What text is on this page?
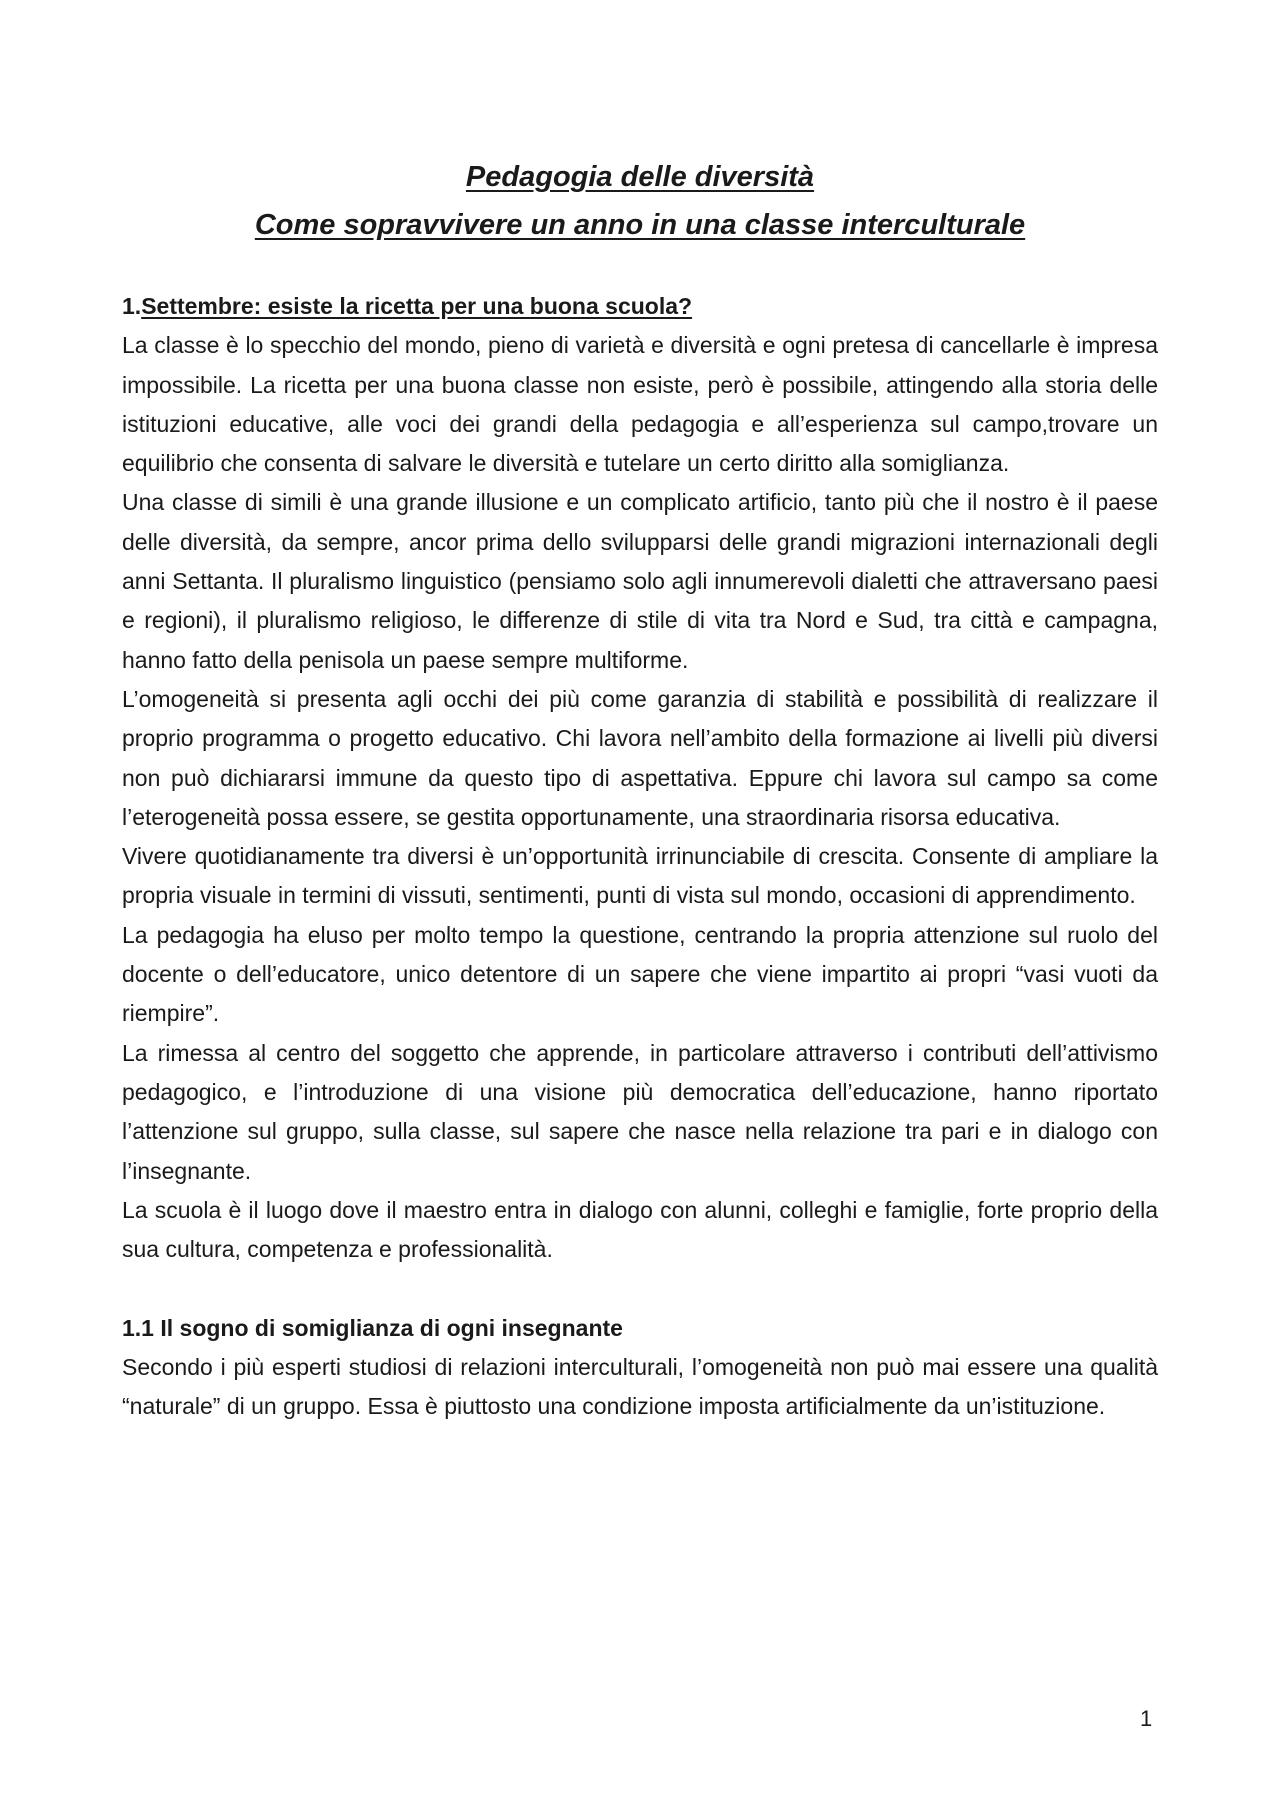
Pedagogia delle diversità

Come sopravvivere un anno in una classe interculturale

1.Settembre: esiste la ricetta per una buona scuola?

La classe è lo specchio del mondo, pieno di varietà e diversità e ogni pretesa di cancellarle è impresa impossibile. La ricetta per una buona classe non esiste, però è possibile, attingendo alla storia delle istituzioni educative, alle voci dei grandi della pedagogia e all’esperienza sul campo,trovare un equilibrio che consenta di salvare le diversità e tutelare un certo diritto alla somiglianza.

Una classe di simili è una grande illusione e un complicato artificio, tanto più che il nostro è il paese delle diversità, da sempre, ancor prima dello svilupparsi delle grandi migrazioni internazionali degli anni Settanta. Il pluralismo linguistico (pensiamo solo agli innumerevoli dialetti che attraversano paesi e regioni), il pluralismo religioso, le differenze di stile di vita tra Nord e Sud, tra città e campagna, hanno fatto della penisola un paese sempre multiforme.

L’omogeneità si presenta agli occhi dei più come garanzia di stabilità e possibilità di realizzare il proprio programma o progetto educativo. Chi lavora nell’ambito della formazione ai livelli più diversi non può dichiararsi immune da questo tipo di aspettativa. Eppure chi lavora sul campo sa come l’eterogeneità possa essere, se gestita opportunamente, una straordinaria risorsa educativa.

Vivere quotidianamente tra diversi è un’opportunità irrinunciabile di crescita. Consente di ampliare la propria visuale in termini di vissuti, sentimenti, punti di vista sul mondo, occasioni di apprendimento.

La pedagogia ha eluso per molto tempo la questione, centrando la propria attenzione sul ruolo del docente o dell’educatore, unico detentore di un sapere che viene impartito ai propri “vasi vuoti da riempire”.

La rimessa al centro del soggetto che apprende, in particolare attraverso i contributi dell’attivismo pedagogico, e l’introduzione di una visione più democratica dell’educazione, hanno riportato l’attenzione sul gruppo, sulla classe, sul sapere che nasce nella relazione tra pari e in dialogo con l’insegnante.

La scuola è il luogo dove il maestro entra in dialogo con alunni, colleghi e famiglie, forte proprio della sua cultura, competenza e professionalità.

1.1 Il sogno di somiglianza di ogni insegnante

Secondo i più esperti studiosi di relazioni interculturali, l’omogeneità non può mai essere una qualità “naturale” di un gruppo. Essa è piuttosto una condizione imposta artificialmente da un’istituzione.

1
